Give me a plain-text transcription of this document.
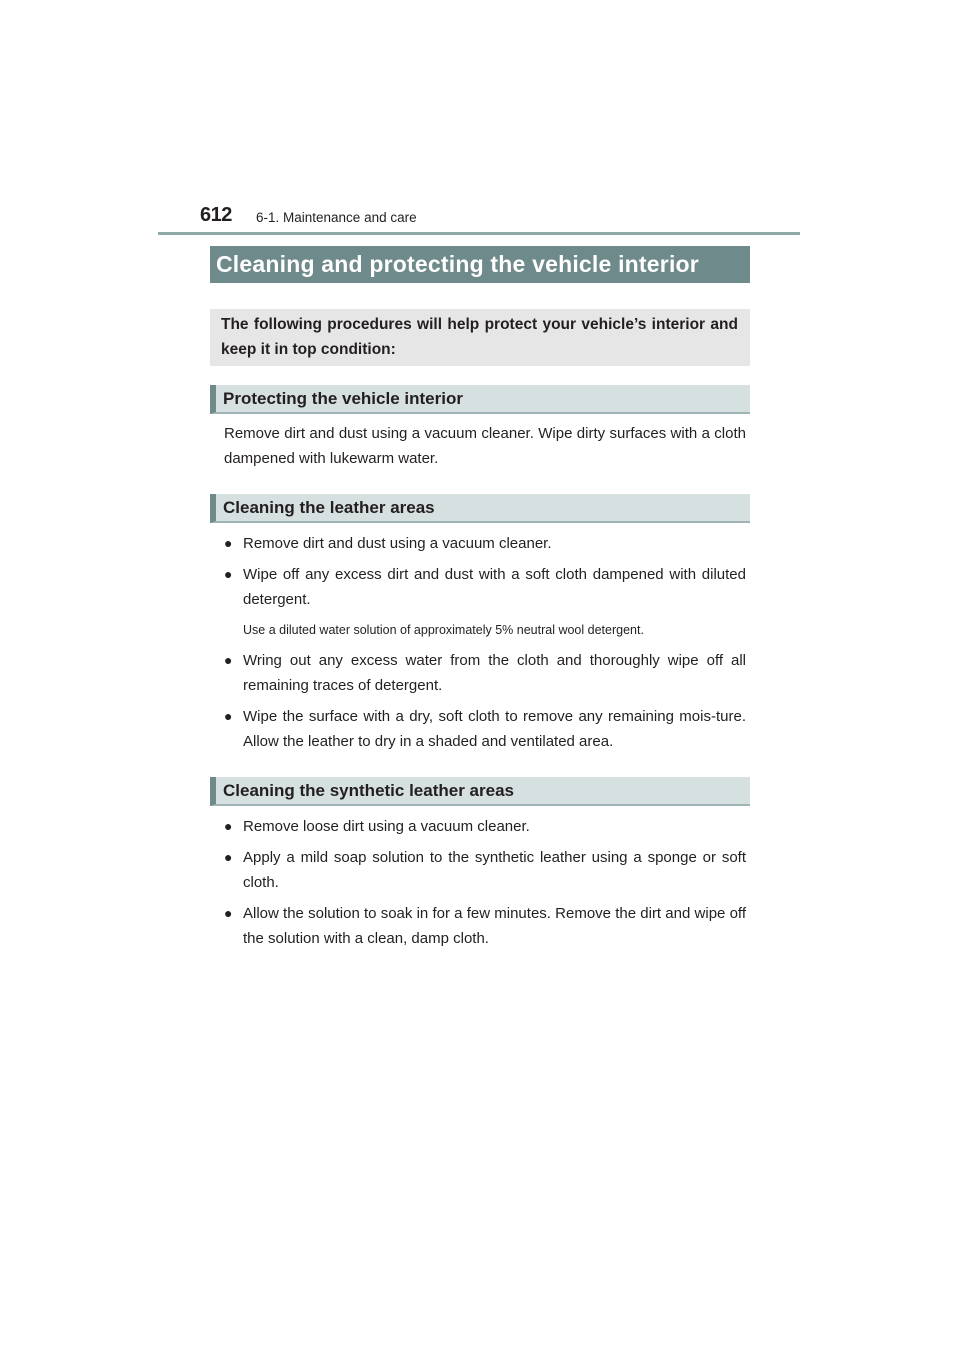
612 6-1. Maintenance and care
Cleaning and protecting the vehicle interior
The following procedures will help protect your vehicle’s interior and keep it in top condition:
Protecting the vehicle interior
Remove dirt and dust using a vacuum cleaner. Wipe dirty surfaces with a cloth dampened with lukewarm water.
Cleaning the leather areas
● Remove dirt and dust using a vacuum cleaner.
● Wipe off any excess dirt and dust with a soft cloth dampened with diluted detergent.
Use a diluted water solution of approximately 5% neutral wool detergent.
● Wring out any excess water from the cloth and thoroughly wipe off all remaining traces of detergent.
● Wipe the surface with a dry, soft cloth to remove any remaining mois-ture. Allow the leather to dry in a shaded and ventilated area.
Cleaning the synthetic leather areas
● Remove loose dirt using a vacuum cleaner.
● Apply a mild soap solution to the synthetic leather using a sponge or soft cloth.
● Allow the solution to soak in for a few minutes. Remove the dirt and wipe off the solution with a clean, damp cloth.
